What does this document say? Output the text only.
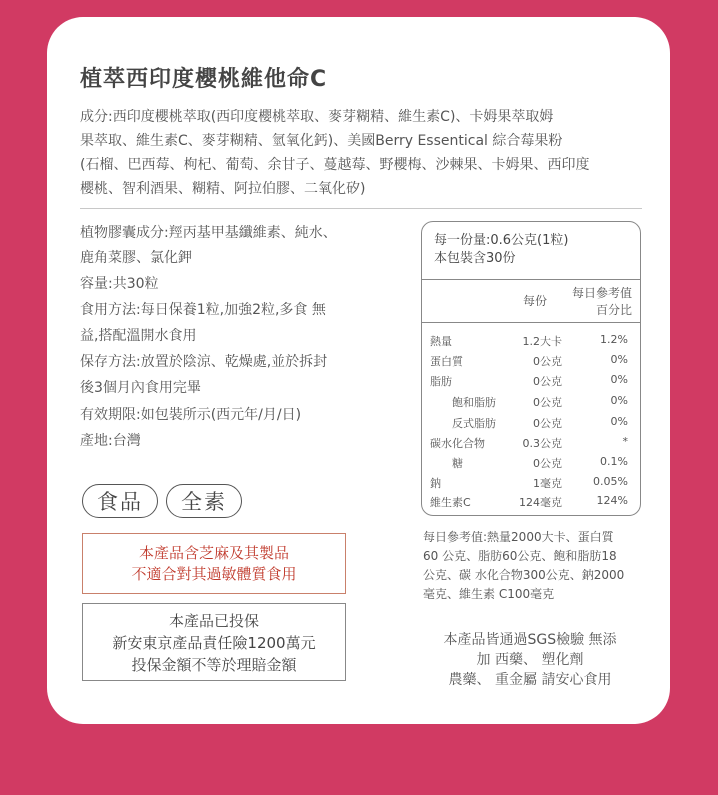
植萃西印度櫻桃維他命C
成分:西印度櫻桃萃取(西印度櫻桃萃取、麥芽糊精、維生素C)、卡姆果萃取姆
果萃取、維生素C、麥芽糊精、氫氧化鈣)、美國Berry Essentical 綜合莓果粉
(石榴、巴西莓、枸杞、葡萄、余甘子、蔓越莓、野櫻梅、沙棘果、卡姆果、西印度
櫻桃、智利酒果、糊精、阿拉伯膠、二氧化矽)
植物膠囊成分:羥丙基甲基纖維素、純水、
鹿角菜膠、氯化鉀
容量:共30粒
食用方法:每日保養1粒,加強2粒,多食 無
益,搭配溫開水食用
保存方法:放置於陰涼、乾燥處,並於拆封
後3個月內食用完畢
有效期限:如包裝所示(西元年/月/日)
產地:台灣
食品	全素
本產品含芝麻及其製品
不適合對其過敏體質食用
本產品已投保
新安東京產品責任險1200萬元
投保金額不等於理賠金額
每一份量:0.6公克(1粒)
本包裝含30份
每份
每日參考值
百分比
熱量	1.2大卡	1.2%
蛋白質	0公克	0%
脂肪	0公克	0%
飽和脂肪	0公克	0%
反式脂肪	0公克	0%
碳水化合物	0.3公克	*
糖	0公克	0.1%
鈉	1毫克	0.05%
維生素C	124毫克	124%
每日參考值:熱量2000大卡、蛋白質
60 公克、脂肪60公克、飽和脂肪18
公克、碳 水化合物300公克、鈉2000
毫克、維生素 C100毫克
本產品皆通過SGS檢驗 無添
加 西藥、 塑化劑
農藥、 重金屬 請安心食用
